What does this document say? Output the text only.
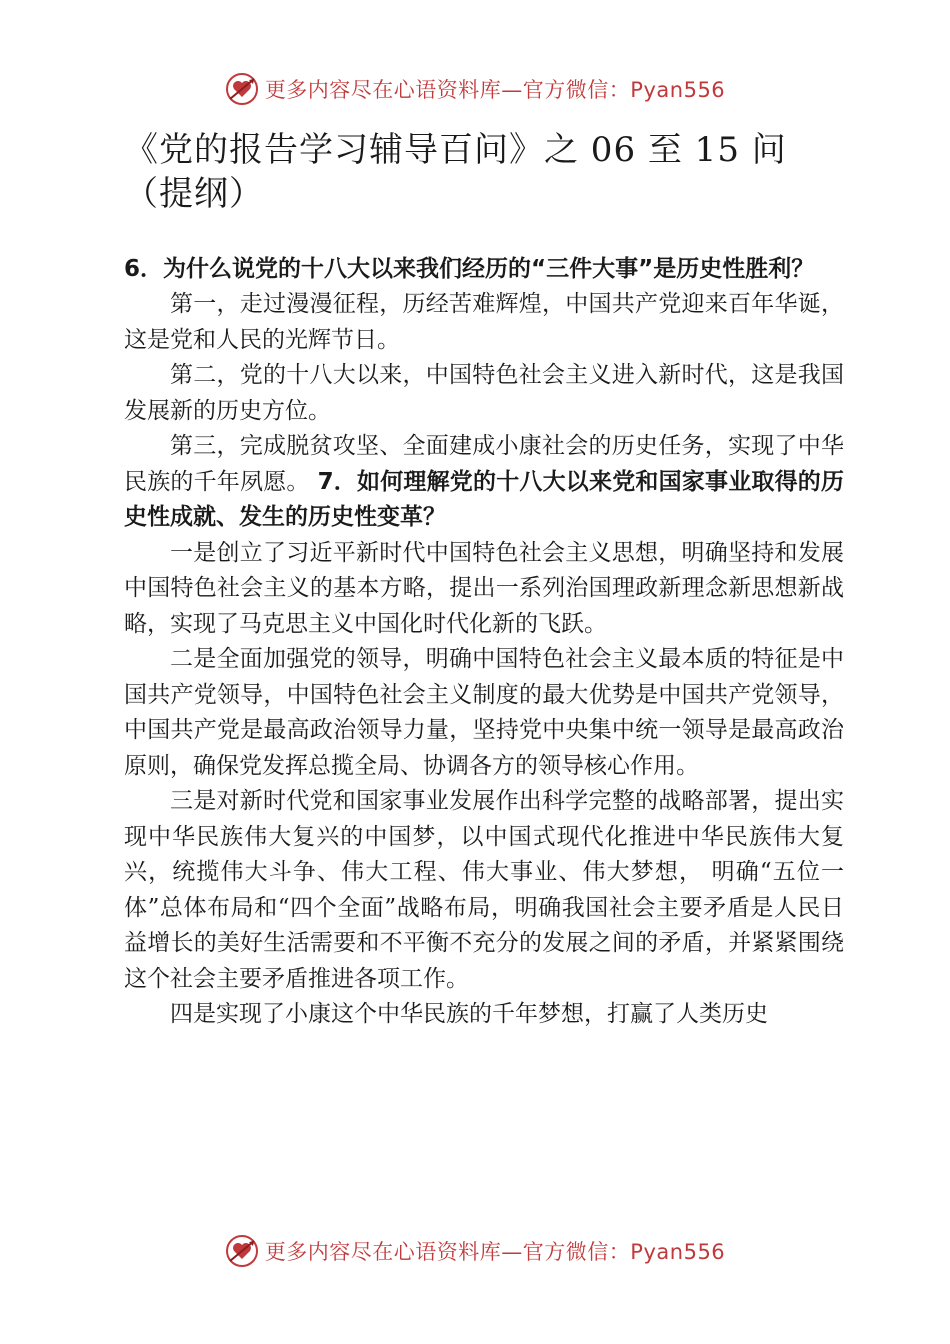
更多内容尽在心语资料库—官方微信：Pyan556
《党的报告学习辅导百问》之 06 至 15 问（提纲）

6．为什么说党的十八大以来我们经历的“三件大事”是历史性胜利？

第一，走过漫漫征程，历经苦难辉煌，中国共产党迎来百年华诞，这是党和人民的光辉节日。

第二，党的十八大以来，中国特色社会主义进入新时代，这是我国发展新的历史方位。

第三，完成脱贫攻坚、全面建成小康社会的历史任务，实现了中华民族的千年夙愿。 7．如何理解党的十八大以来党和国家事业取得的历史性成就、发生的历史性变革？

一是创立了习近平新时代中国特色社会主义思想，明确坚持和发展中国特色社会主义的基本方略，提出一系列治国理政新理念新思想新战略，实现了马克思主义中国化时代化新的飞跃。

二是全面加强党的领导，明确中国特色社会主义最本质的特征是中国共产党领导，中国特色社会主义制度的最大优势是中国共产党领导，中国共产党是最高政治领导力量，坚持党中央集中统一领导是最高政治原则，确保党发挥总揽全局、协调各方的领导核心作用。

三是对新时代党和国家事业发展作出科学完整的战略部署，提出实现中华民族伟大复兴的中国梦，以中国式现代化推进中华民族伟大复兴，统揽伟大斗争、伟大工程、伟大事业、伟大梦想， 明确“五位一体”总体布局和“四个全面”战略布局，明确我国社会主要矛盾是人民日益增长的美好生活需要和不平衡不充分的发展之间的矛盾，并紧紧围绕这个社会主要矛盾推进各项工作。

四是实现了小康这个中华民族的千年梦想，打赢了人类历史

更多内容尽在心语资料库—官方微信：Pyan556
